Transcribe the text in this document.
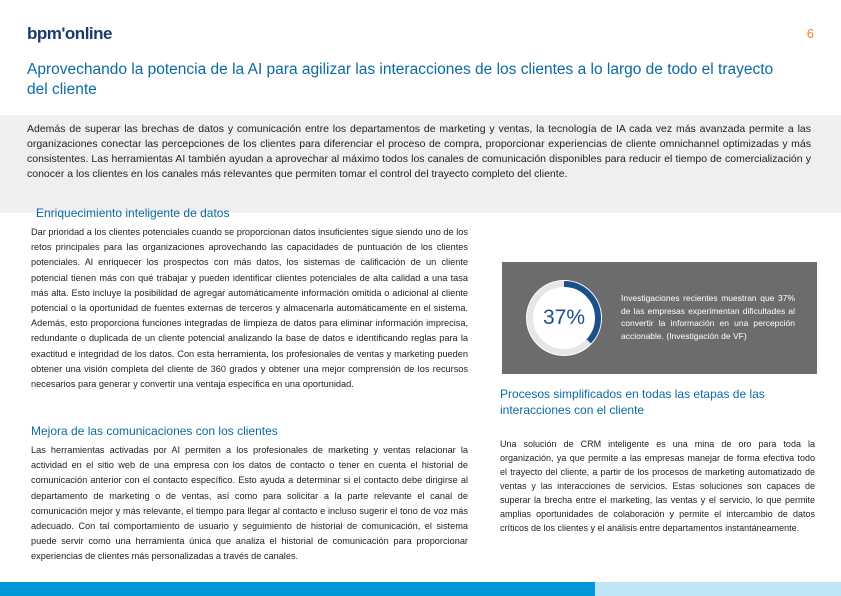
bpm'online	6
Aprovechando la potencia de la AI para agilizar las interacciones de los clientes a lo largo de todo el trayecto del cliente
Además de superar las brechas de datos y comunicación entre los departamentos de marketing y ventas, la tecnología de IA cada vez más avanzada permite a las organizaciones conectar las percepciones de los clientes para diferenciar el proceso de compra, proporcionar experiencias de cliente omnichannel optimizadas y más consistentes. Las herramientas AI también ayudan a aprovechar al máximo todos los canales de comunicación disponibles para reducir el tiempo de comercialización y conocer a los clientes en los canales más relevantes que permiten tomar el control del trayecto completo del cliente.
Enriquecimiento inteligente de datos
Dar prioridad a los clientes potenciales cuando se proporcionan datos insuficientes sigue siendo uno de los retos principales para las organizaciones aprovechando las capacidades de puntuación de los clientes potenciales. Al enriquecer los prospectos con más datos, los sistemas de calificación de un cliente potencial tienen más con qué trabajar y pueden identificar clientes potenciales de alta calidad a una tasa más alta. Esto incluye la posibilidad de agregar automáticamente información omitida o adicional al cliente potencial o la oportunidad de fuentes externas de terceros y almacenarla automáticamente en el sistema. Además, esto proporciona funciones integradas de limpieza de datos para eliminar información imprecisa, redundante o duplicada de un cliente potencial analizando la base de datos e identificando reglas para la exactitud e integridad de los datos. Con esta herramienta, los profesionales de ventas y marketing pueden obtener una visión completa del cliente de 360 grados y obtener una mejor comprensión de los recursos necesarios para generar y convertir una ventaja específica en una oportunidad.
Mejora de las comunicaciones con los clientes
Las herramientas activadas por AI permiten a los profesionales de marketing y ventas relacionar la actividad en el sitio web de una empresa con los datos de contacto o tener en cuenta el historial de comunicación anterior con el contacto específico. Esto ayuda a determinar si el contacto debe dirigirse al departamento de marketing o de ventas, así como para solicitar a la parte relevante el canal de comunicación mejor y más relevante, el tiempo para llegar al contacto e incluso sugerir el tono de voz más adecuado. Con tal comportamiento de usuario y seguimiento de historial de comunicación, el sistema puede servir como una herramienta única que analiza el historial de comunicación para proporcionar experiencias de clientes más personalizadas a través de canales.
37%
Investigaciones recientes muestran que 37% de las empresas experimentan dificultades al convertir la información en una percepción accionable. (Investigación de VF)
Procesos simplificados en todas las etapas de las interacciones con el cliente
Una solución de CRM inteligente es una mina de oro para toda la organización, ya que permite a las empresas manejar de forma efectiva todo el trayecto del cliente, a partir de los procesos de marketing automatizado de ventas y las interacciones de servicios. Estas soluciones son capaces de superar la brecha entre el marketing, las ventas y el servicio, lo que permite amplias oportunidades de colaboración y permite el intercambio de datos críticos de los clientes y el análisis entre departamentos instantáneamente.
